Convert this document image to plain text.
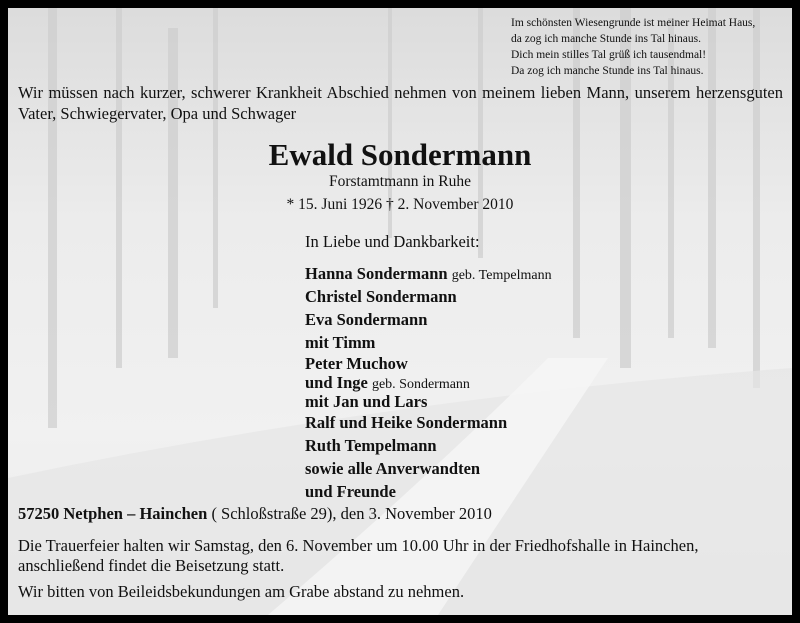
Im schönsten Wiesengrunde ist meiner Heimat Haus,
da zog ich manche Stunde ins Tal hinaus.
Dich mein stilles Tal grüß ich tausendmal!
Da zog ich manche Stunde ins Tal hinaus.
Wir müssen nach kurzer, schwerer Krankheit Abschied nehmen von meinem lieben Mann, unserem herzensguten Vater, Schwiegervater, Opa und Schwager
Ewald Sondermann
Forstamtmann in Ruhe
* 15. Juni 1926 † 2. November 2010
In Liebe und Dankbarkeit:
Hanna Sondermann geb. Tempelmann
Christel Sondermann
Eva Sondermann
mit Timm
Peter Muchow
und Inge geb. Sondermann
mit Jan und Lars
Ralf und Heike Sondermann
Ruth Tempelmann
sowie alle Anverwandten
und Freunde
57250 Netphen – Hainchen ( Schloßstraße 29), den 3. November 2010
Die Trauerfeier halten wir Samstag, den 6. November um 10.00 Uhr in der Friedhofshalle in Hainchen, anschließend findet die Beisetzung statt.
Wir bitten von Beileidsbekundungen am Grabe abstand zu nehmen.
